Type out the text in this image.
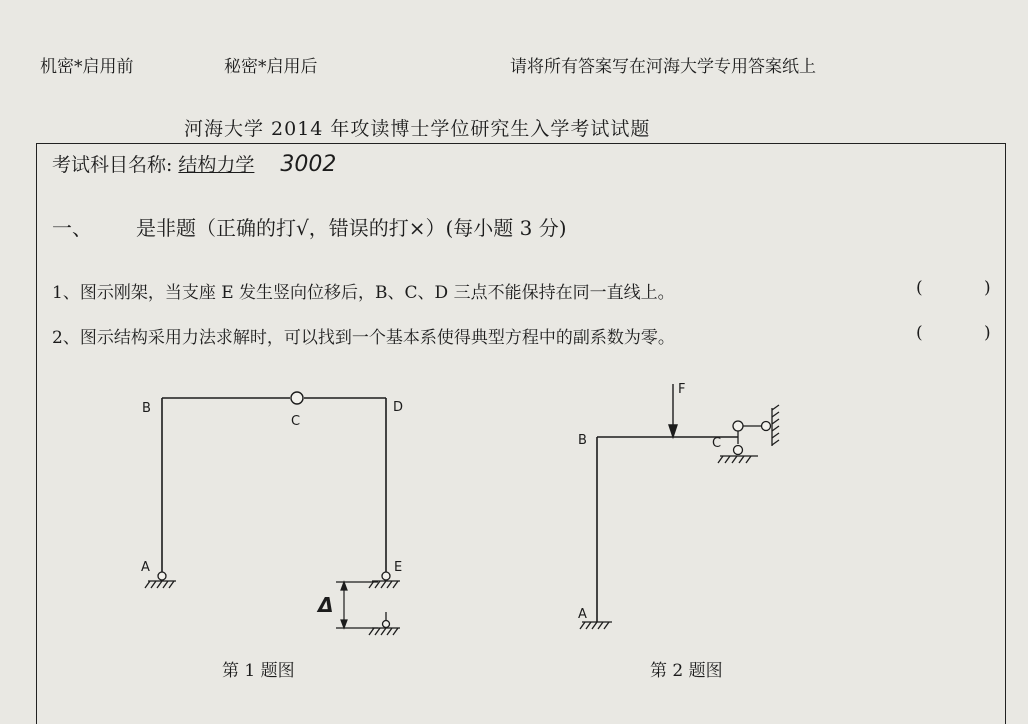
机密*启用前	秘密*启用后	请将所有答案写在河海大学专用答案纸上
河海大学 2014 年攻读博士学位研究生入学考试试题
考试科目名称: 结构力学 3002
一、 是非题（正确的打√，错误的打×）(每小题 3 分)
1、图示刚架，当支座 E 发生竖向位移后，B、C、D 三点不能保持在同一直线上。	( )
2、图示结构采用力法求解时，可以找到一个基本系使得典型方程中的副系数为零。	( )
B
C
D
A	E
Δ
F
B	C
A
第 1 题图	第 2 题图
